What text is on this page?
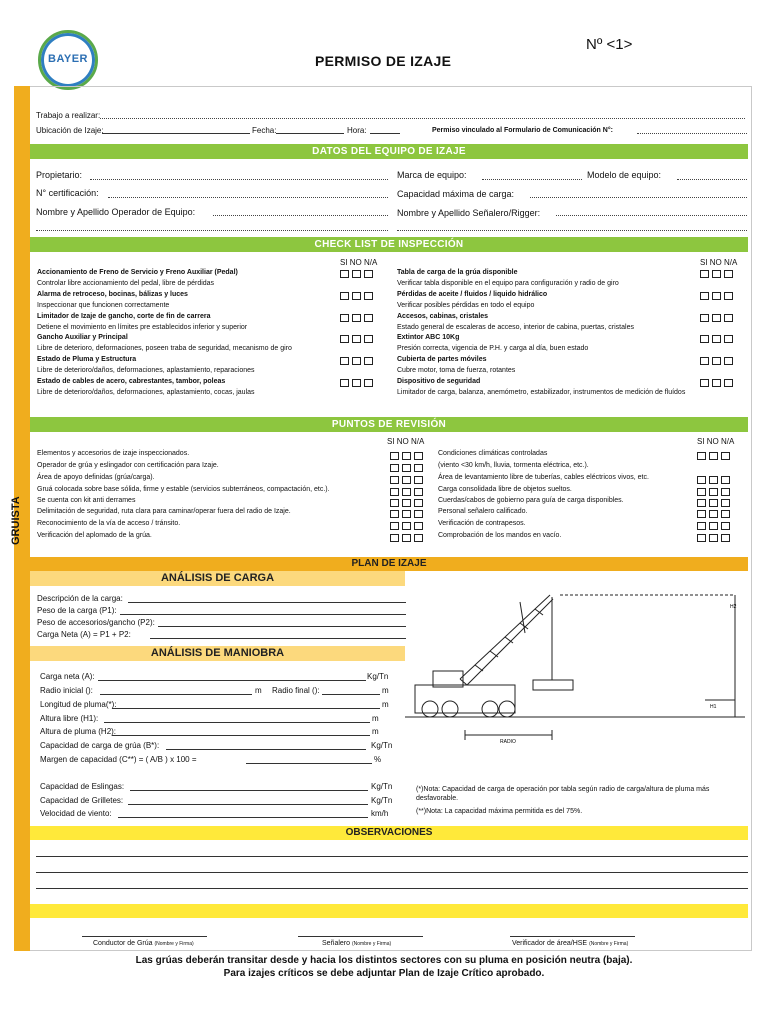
BAYER
Nº <1>
PERMISO DE IZAJE
GRUISTA
Trabajo a realizar:
Ubicación de Izaje:	Fecha:	Hora:	Permiso vinculado al Formulario de Comunicación N°:
DATOS DEL EQUIPO DE IZAJE
Propietario:	Marca de equipo:	Modelo de equipo:
N° certificación:	Capacidad máxima de carga:
Nombre y Apellido Operador de Equipo:	Nombre y Apellido Señalero/Rigger:
CHECK LIST DE INSPECCIÓN
SI NO N/A	SI NO N/A
Accionamiento de Freno de Servicio y Freno Auxiliar (Pedal)
Controlar libre accionamiento del pedal, libre de pérdidas
Alarma de retroceso, bocinas, bálizas y luces
Inspeccionar que funcionen correctamente
Limitador de Izaje de gancho, corte de fin de carrera
Detiene el movimiento en límites pre establecidos inferior y superior
Gancho Auxiliar y Principal
Libre de deterioro, deformaciones, poseen traba de seguridad, mecanismo de giro
Estado de Pluma y Estructura
Libre de deterioro/daños, deformaciones, aplastamiento, reparaciones
Estado de cables de acero, cabrestantes, tambor, poleas
Libre de deterioro/daños, deformaciones, aplastamiento, cocas, jaulas
Tabla de carga de la grúa disponible
Verificar tabla disponible en el equipo para configuración y radio de giro
Pérdidas de aceite / fluidos / liquido hidrálico
Verificar posibles pérdidas en todo el equipo
Accesos, cabinas, cristales
Estado general de escaleras de acceso, interior de cabina, puertas, cristales
Extintor ABC 10Kg
Presión correcta, vigencia de P.H. y carga al día, buen estado
Cubierta de partes móviles
Cubre motor, toma de fuerza, rotantes
Dispositivo de seguridad
Limitador de carga, balanza, anemómetro, estabilizador, instrumentos de medición de fluídos
PUNTOS DE REVISIÓN
SI NO N/A	SI NO N/A
Elementos y accesorios de izaje inspeccionados.
Operador de grúa y eslingador con certificación para Izaje.
Área de apoyo definidas (grúa/carga).
Gruá colocada sobre base sólida, firme y estable (servicios subterráneos, compactación, etc.).
Se cuenta con kit anti derrames
Delimitación de seguridad, ruta clara para caminar/operar fuera del radio de Izaje.
Reconocimiento de la vía de acceso / tránsito.
Verificación del aplomado de la grúa.
Condiciones climáticas controladas
(viento <30 km/h, lluvia, tormenta eléctrica, etc.).
Área de levantamiento libre de tuberías, cables eléctricos vivos, etc.
Carga consolidada libre de objetos sueltos.
Cuerdas/cabos de gobierno para guía de carga disponibles.
Personal señalero calificado.
Verificación de contrapesos.
Comprobación de los mandos en vacío.
PLAN DE IZAJE
ANÁLISIS DE CARGA
Descripción de la carga:
Peso de la carga (P1):
Peso de accesorios/gancho (P2):
Carga Neta (A) = P1 + P2:
ANÁLISIS DE MANIOBRA
Carga neta (A):	Kg/Tn
Longitud de pluma(*):	m
Altura libre (H1):	m
Altura de pluma (H2):	m
Capacidad de carga de grúa (B*):	Kg/Tn
Margen de capacidad (C**) = ( A/B ) x 100 =	%
Capacidad de Eslingas:	Kg/Tn
Capacidad de Grilletes:	Kg/Tn
Velocidad de viento:	km/h
Radio inicial ():	m Radio final ():	m
H2
H1
RADIO
(*)Nota: Capacidad de carga de operación por tabla según radio de carga/altura de pluma más desfavorable.
(**)Nota: La capacidad máxima permitida es del 75%.
OBSERVACIONES
Conductor de Grúa (Nombre y Firma)	Señalero (Nombre y Firma)	Verificador de área/HSE (Nombre y Firma)
Las grúas deberán transitar desde y hacia los distintos sectores con su pluma en posición neutra (baja).
Para izajes críticos se debe adjuntar Plan de Izaje Crítico aprobado.
